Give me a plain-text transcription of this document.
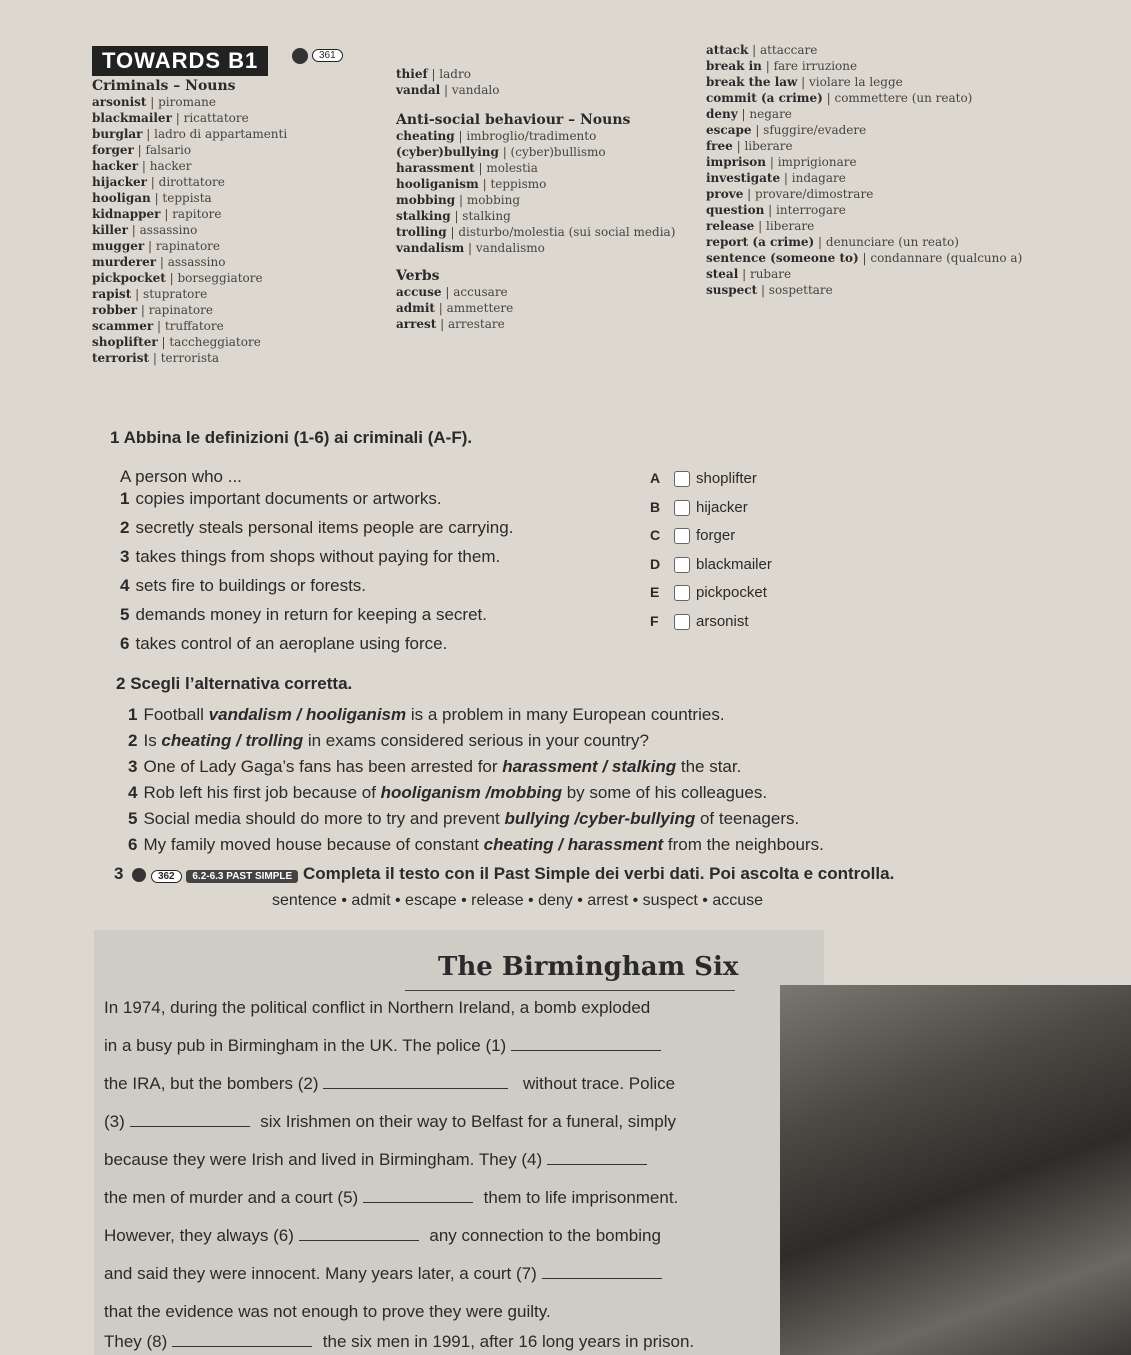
TOWARDS B1	361
Criminals – Nouns
arsonist | piromane
blackmailer | ricattatore
burglar | ladro di appartamenti
forger | falsario
hacker | hacker
hijacker | dirottatore
hooligan | teppista
kidnapper | rapitore
killer | assassino
mugger | rapinatore
murderer | assassino
pickpocket | borseggiatore
rapist | stupratore
robber | rapinatore
scammer | truffatore
shoplifter | taccheggiatore
terrorist | terrorista
thief | ladro
vandal | vandalo
Anti-social behaviour – Nouns
cheating | imbroglio/tradimento
(cyber)bullying | (cyber)bullismo
harassment | molestia
hooliganism | teppismo
mobbing | mobbing
stalking | stalking
trolling | disturbo/molestia (sui social media)
vandalism | vandalismo
Verbs
accuse | accusare
admit | ammettere
arrest | arrestare
attack | attaccare
break in | fare irruzione
break the law | violare la legge
commit (a crime) | commettere (un reato)
deny | negare
escape | sfuggire/evadere
free | liberare
imprison | imprigionare
investigate | indagare
prove | provare/dimostrare
question | interrogare
release | liberare
report (a crime) | denunciare (un reato)
sentence (someone to) | condannare (qualcuno a)
steal | rubare
suspect | sospettare
1 Abbina le definizioni (1-6) ai criminali (A-F).
A person who ...
1 copies important documents or artworks.
2 secretly steals personal items people are carrying.
3 takes things from shops without paying for them.
4 sets fire to buildings or forests.
5 demands money in return for keeping a secret.
6 takes control of an aeroplane using force.
A shoplifter
B hijacker
C forger
D blackmailer
E pickpocket
F arsonist
2 Scegli l’alternativa corretta.
1 Football vandalism / hooliganism is a problem in many European countries.
2 Is cheating / trolling in exams considered serious in your country?
3 One of Lady Gaga’s fans has been arrested for harassment / stalking the star.
4 Rob left his first job because of hooliganism /mobbing by some of his colleagues.
5 Social media should do more to try and prevent bullying /cyber-bullying of teenagers.
6 My family moved house because of constant cheating / harassment from the neighbours.
3	362 6.2-6.3 PAST SIMPLE Completa il testo con il Past Simple dei verbi dati. Poi ascolta e controlla.
sentence • admit • escape • release • deny • arrest • suspect • accuse
The Birmingham Six
In 1974, during the political conflict in Northern Ireland, a bomb exploded
in a busy pub in Birmingham in the UK. The police (1)
the IRA, but the bombers (2)	without trace. Police
(3)	six Irishmen on their way to Belfast for a funeral, simply
because they were Irish and lived in Birmingham. They (4)
the men of murder and a court (5)	them to life imprisonment.
However, they always (6)	any connection to the bombing
and said they were innocent. Many years later, a court (7)
that the evidence was not enough to prove they were guilty.
They (8)	the six men in 1991, after 16 long years in prison.
